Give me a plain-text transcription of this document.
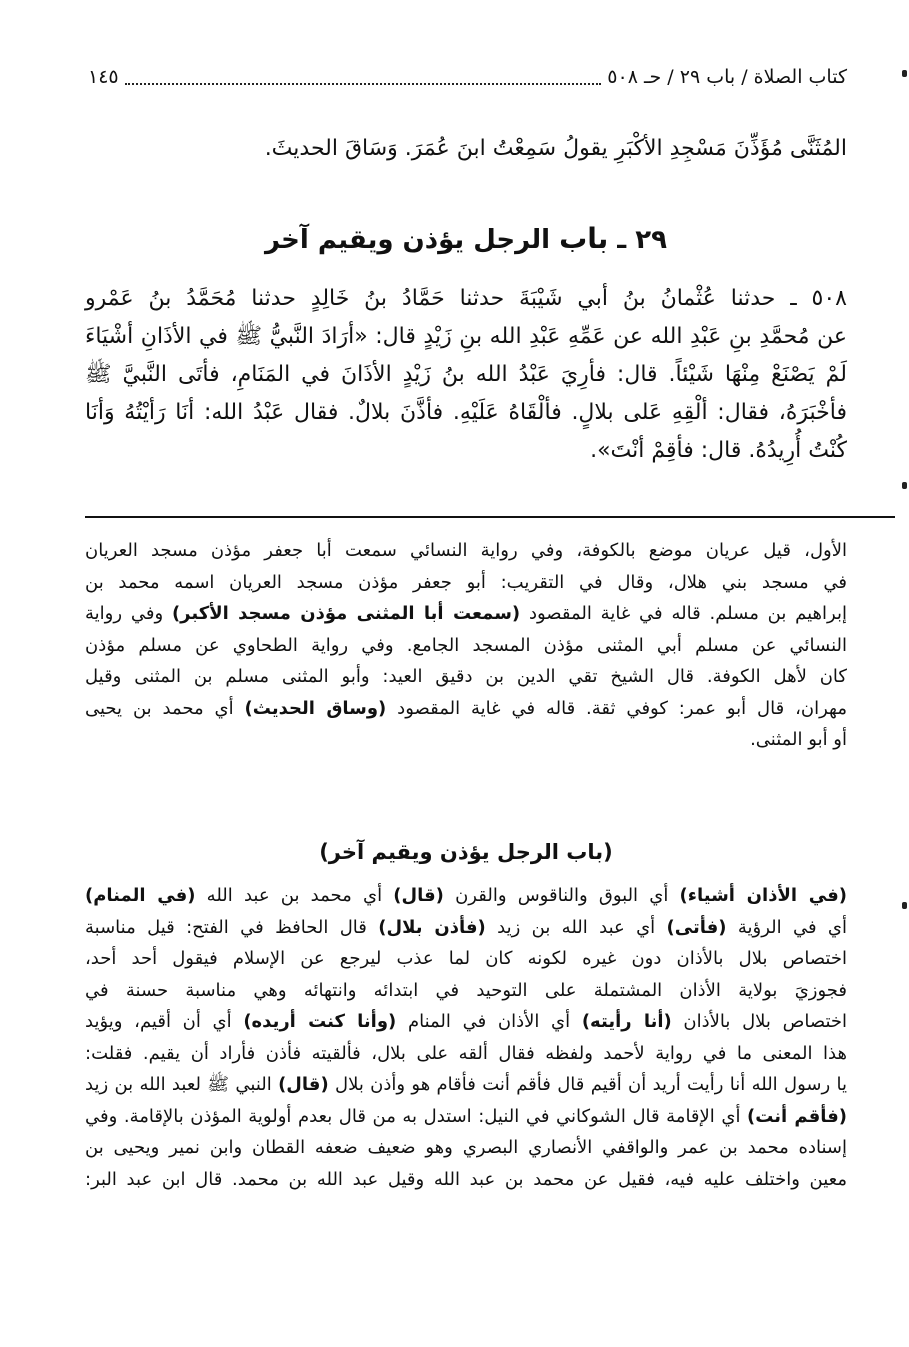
كتاب الصلاة / باب ٢٩ / حـ ٥٠٨
١٤٥
المُثَنَّى مُؤَذِّنَ مَسْجِدِ الأكْبَرِ يقولُ سَمِعْتُ ابنَ عُمَرَ. وَسَاقَ الحديثَ.
٢٩ ـ باب الرجل يؤذن ويقيم آخر
٥٠٨ ـ حدثنا عُثْمانُ بنُ أبي شَيْبَةَ حدثنا حَمَّادُ بنُ خَالِدٍ حدثنا مُحَمَّدُ بنُ عَمْرو
عن مُحمَّدِ بنِ عَبْدِ الله عن عَمِّهِ عَبْدِ الله بنِ زَيْدٍ قال: «أرَادَ النَّبيُّ ﷺ في الأذَانِ أشْيَاءَ
لَمْ يَصْنَعْ مِنْهَا شَيْئاً. قال: فأرِيَ عَبْدُ الله بنُ زَيْدٍ الأذَانَ في المَنَامِ، فأتَى النَّبيَّ ﷺ
فأخْبَرَهُ، فقال: ألْقِهِ عَلى بلالٍ. فألْقَاهُ عَلَيْهِ. فأذَّنَ بلالٌ. فقال عَبْدُ الله: أنَا رَأيْتُهُ وَأنَا
كُنْتُ أُرِيدُهُ. قال: فأقِمْ أنْتَ».
الأول، قيل عريان موضع بالكوفة، وفي رواية النسائي سمعت أبا جعفر مؤذن مسجد العريان
في مسجد بني هلال، وقال في التقريب: أبو جعفر مؤذن مسجد العريان اسمه محمد بن
إبراهيم بن مسلم. قاله في غاية المقصود (سمعت أبا المثنى مؤذن مسجد الأكبر) وفي رواية
النسائي عن مسلم أبي المثنى مؤذن المسجد الجامع. وفي رواية الطحاوي عن مسلم مؤذن
كان لأهل الكوفة. قال الشيخ تقي الدين بن دقيق العيد: وأبو المثنى مسلم بن المثنى وقيل
مهران، قال أبو عمر: كوفي ثقة. قاله في غاية المقصود (وساق الحديث) أي محمد بن يحيى
أو أبو المثنى.
(باب الرجل يؤذن ويقيم آخر)
(في الأذان أشياء) أي البوق والناقوس والقرن (قال) أي محمد بن عبد الله (في المنام)
أي في الرؤية (فأتى) أي عبد الله بن زيد (فأذن بلال) قال الحافظ في الفتح: قيل مناسبة
اختصاص بلال بالأذان دون غيره لكونه كان لما عذب ليرجع عن الإسلام فيقول أحد أحد،
فجوزيَ بولاية الأذان المشتملة على التوحيد في ابتدائه وانتهائه وهي مناسبة حسنة في
اختصاص بلال بالأذان (أنا رأيته) أي الأذان في المنام (وأنا كنت أريده) أي أن أقيم، ويؤيد
هذا المعنى ما في رواية لأحمد ولفظه فقال ألقه على بلال، فألقيته فأذن فأراد أن يقيم. فقلت:
يا رسول الله أنا رأيت أريد أن أقيم قال فأقم أنت فأقام هو وأذن بلال (قال) النبي ﷺ لعبد الله بن زيد
(فأقم أنت) أي الإقامة قال الشوكاني في النيل: استدل به من قال بعدم أولوية المؤذن بالإقامة. وفي
إسناده محمد بن عمر والواقفي الأنصاري البصري وهو ضعيف ضعفه القطان وابن نمير ويحيى بن
معين واختلف عليه فيه، فقيل عن محمد بن عبد الله وقيل عبد الله بن محمد. قال ابن عبد البر:
